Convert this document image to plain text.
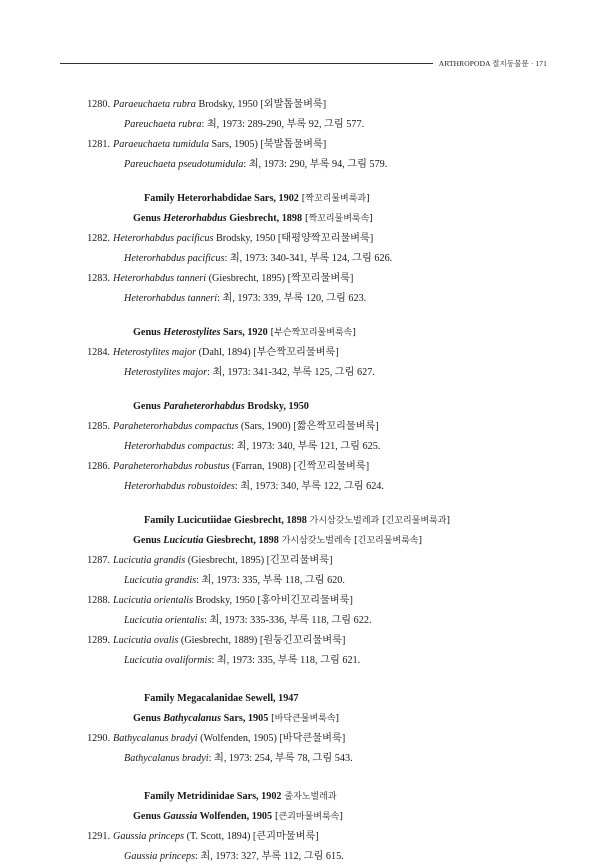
ARTHROPODA 절지동물문 · 171
1280. Paraeuchaeta rubra Brodsky, 1950 [외발톱물벼룩]
Pareuchaeta rubra: 최, 1973: 289-290, 부록 92, 그림 577.
1281. Paraeuchaeta tumidula Sars, 1905) [북발톱물벼룩]
Pareuchaeta pseudotumidula: 최, 1973: 290, 부록 94, 그림 579.
Family Heterorhabdidae Sars, 1902 [짝꼬리물벼룩과]
Genus Heterorhabdus Giesbrecht, 1898 [짝꼬리물벼룩속]
1282. Heterorhabdus pacificus Brodsky, 1950 [태평양짝꼬리물벼룩]
Heterorhabdus pacificus: 최, 1973: 340-341, 부록 124, 그림 626.
1283. Heterorhabdus tanneri (Giesbrecht, 1895) [짝꼬리물벼룩]
Heterorhabdus tanneri: 최, 1973: 339, 부록 120, 그림 623.
Genus Heterostylites Sars, 1920 [부슨짝꼬리물벼룩속]
1284. Heterostylites major (Dahl, 1894) [부슨짝꼬리물벼룩]
Heterostylites major: 최, 1973: 341-342, 부록 125, 그림 627.
Genus Paraheterorhabdus Brodsky, 1950
1285. Paraheterorhabdus compactus (Sars, 1900) [짧은짝꼬리물벼룩]
Heterorhabdus compactus: 최, 1973: 340, 부록 121, 그림 625.
1286. Paraheterorhabdus robustus (Farran, 1908) [긴짝꼬리물벼룩]
Heterorhabdus robustoides: 최, 1973: 340, 부록 122, 그림 624.
Family Lucicutiidae Giesbrecht, 1898 가시삼갖노벌레과 [긴꼬리물벼룩과]
Genus Lucicutia Giesbrecht, 1898 가시삼갖노벌레속 [긴꼬리물벼룩속]
1287. Lucicutia grandis (Giesbrecht, 1895) [긴꼬리물벼룩]
Lucicutia grandis: 최, 1973: 335, 부록 118, 그림 620.
1288. Lucicutia orientalis Brodsky, 1950 [홍아비긴꼬리물벼룩]
Lucicutia orientalis: 최, 1973: 335-336, 부록 118, 그림 622.
1289. Lucicutia ovalis (Giesbrecht, 1889) [원둥긴꼬리물벼룩]
Lucicutia ovaliformis: 최, 1973: 335, 부록 118, 그림 621.
Family Megacalanidae Sewell, 1947
Genus Bathycalanus Sars, 1905 [바닥큰물벼룩속]
1290. Bathycalanus bradyi (Wolfenden, 1905) [바닥큰물벼룩]
Bathycalanus bradyi: 최, 1973: 254, 부록 78, 그림 543.
Family Metridinidae Sars, 1902 줄자노벌레과
Genus Gaussia Wolfenden, 1905 [큰괴마물벼룩속]
1291. Gaussia princeps (T. Scott, 1894) [큰괴마물벼룩]
Gaussia princeps: 최, 1973: 327, 부록 112, 그림 615.
